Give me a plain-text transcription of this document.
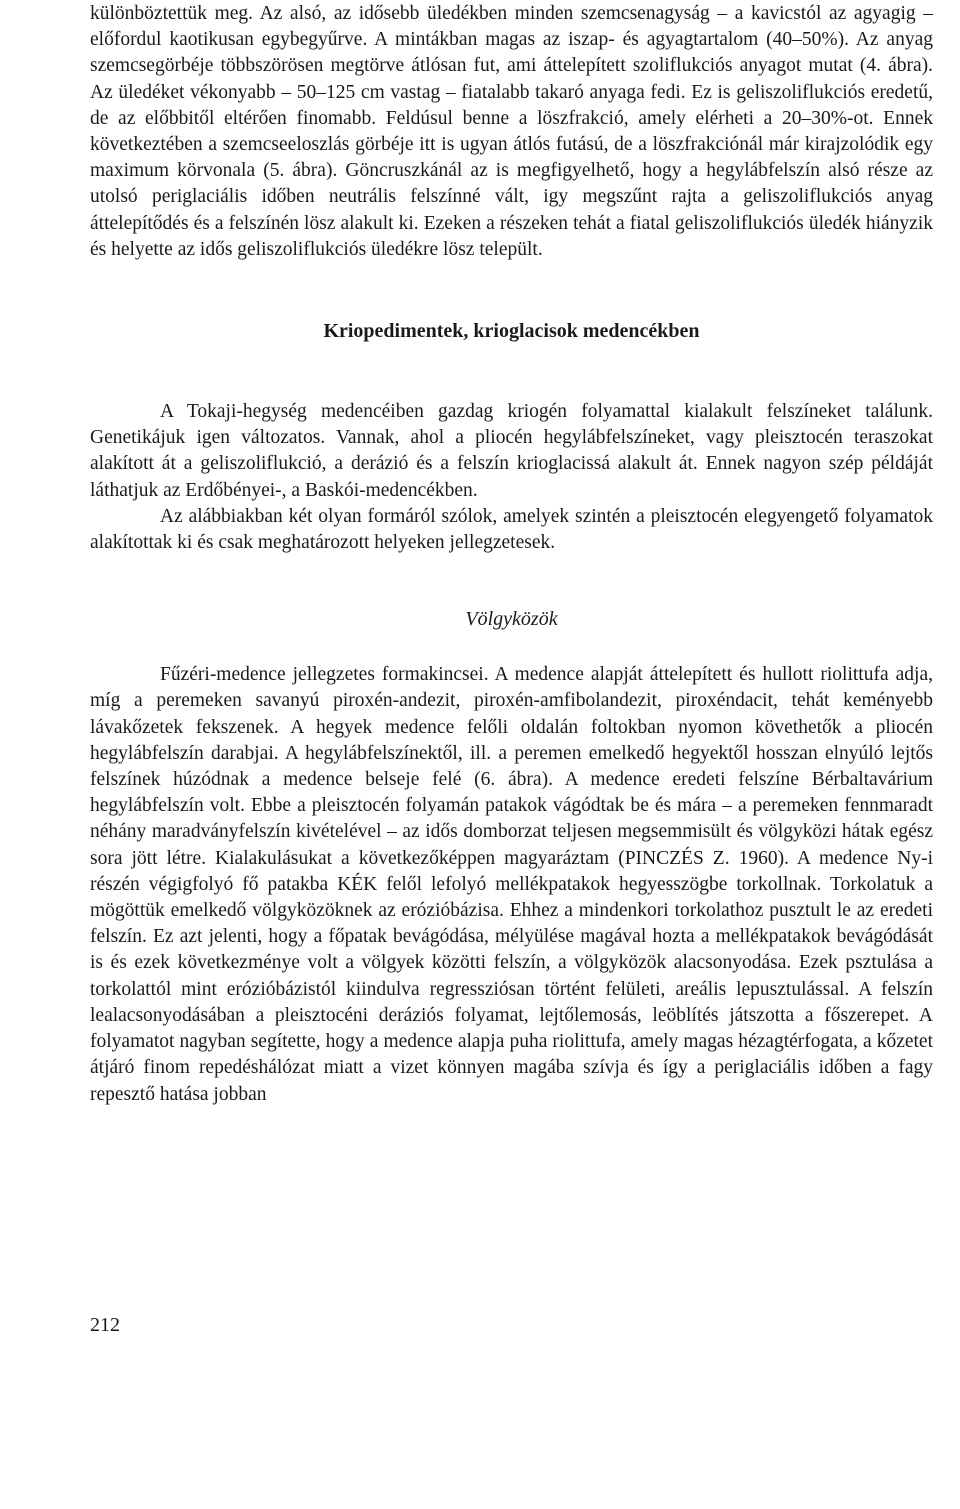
különböztettük meg. Az alsó, az idősebb üledékben minden szemcsenagyság – a kavicstól az agyagig – előfordul kaotikusan egybegyűrve. A mintákban magas az iszap- és agyagtartalom (40–50%). Az anyag szemcsegörbéje többszörösen megtörve átlósan fut, ami áttelepített szoliflukciós anyagot mutat (4. ábra). Az üledéket vékonyabb – 50–125 cm vastag – fiatalabb takaró anyaga fedi. Ez is geliszoliflukciós eredetű, de az előbbitől eltérően finomabb. Feldúsul benne a löszfrakció, amely elérheti a 20–30%-ot. Ennek következtében a szemcseeloszlás görbéje itt is ugyan átlós futású, de a löszfrakciónál már kirajzolódik egy maximum körvonala (5. ábra). Göncruszkánál az is megfigyelhető, hogy a hegylábfelszín alsó része az utolsó periglaciális időben neutrális felszínné vált, igy megszűnt rajta a geliszoliflukciós anyag áttelepítődés és a felszínén lösz alakult ki. Ezeken a részeken tehát a fiatal geliszoliflukciós üledék hiányzik és helyette az idős geliszoliflukciós üledékre lösz települt.

Kriopedimentek, krioglacisok medencékben

A Tokaji-hegység medencéiben gazdag kriogén folyamattal kialakult felszíneket találunk. Genetikájuk igen változatos. Vannak, ahol a pliocén hegylábfelszíneket, vagy pleisztocén teraszokat alakított át a geliszoliflukció, a derázió és a felszín krioglacissá alakult át. Ennek nagyon szép példáját láthatjuk az Erdőbényei-, a Baskói-medencékben.

Az alábbiakban két olyan formáról szólok, amelyek szintén a pleisztocén elegyengető folyamatok alakítottak ki és csak meghatározott helyeken jellegzetesek.

Völgyközök

Fűzéri-medence jellegzetes formakincsei. A medence alapját áttelepített és hullott riolittufa adja, míg a peremeken savanyú piroxén-andezit, piroxén-amfibolandezit, piroxéndacit, tehát keményebb lávakőzetek fekszenek. A hegyek medence felőli oldalán foltokban nyomon követhetők a pliocén hegylábfelszín darabjai. A hegylábfelszínektől, ill. a peremen emelkedő hegyektől hosszan elnyúló lejtős felszínek húzódnak a medence belseje felé (6. ábra). A medence eredeti felszíne Bérbaltavárium hegylábfelszín volt. Ebbe a pleisztocén folyamán patakok vágódtak be és mára – a peremeken fennmaradt néhány maradványfelszín kivételével – az idős domborzat teljesen megsemmisült és völgyközi hátak egész sora jött létre. Kialakulásukat a következőképpen magyaráztam (PINCZÉS Z. 1960). A medence Ny-i részén végigfolyó fő patakba KÉK felől lefolyó mellékpatakok hegyesszögbe torkollnak. Torkolatuk a mögöttük emelkedő völgyközöknek az erózióbázisa. Ehhez a mindenkori torkolathoz pusztult le az eredeti felszín. Ez azt jelenti, hogy a főpatak bevágódása, mélyülése magával hozta a mellékpatakok bevágódását is és ezek következménye volt a völgyek közötti felszín, a völgyközök alacsonyodása. Ezek psztulása a torkolattól mint erózióbázistól kiindulva regressziósan történt felületi, areális lepusztulással. A felszín lealacsonyodásában a pleisztocéni deráziós folyamat, lejtőlemosás, leöblítés játszotta a főszerepet. A folyamatot nagyban segítette, hogy a medence alapja puha riolittufa, amely magas hézagtérfogata, a kőzetet átjáró finom repedéshálózat miatt a vizet könnyen magába szívja és így a periglaciális időben a fagy repesztő hatása jobban

212
